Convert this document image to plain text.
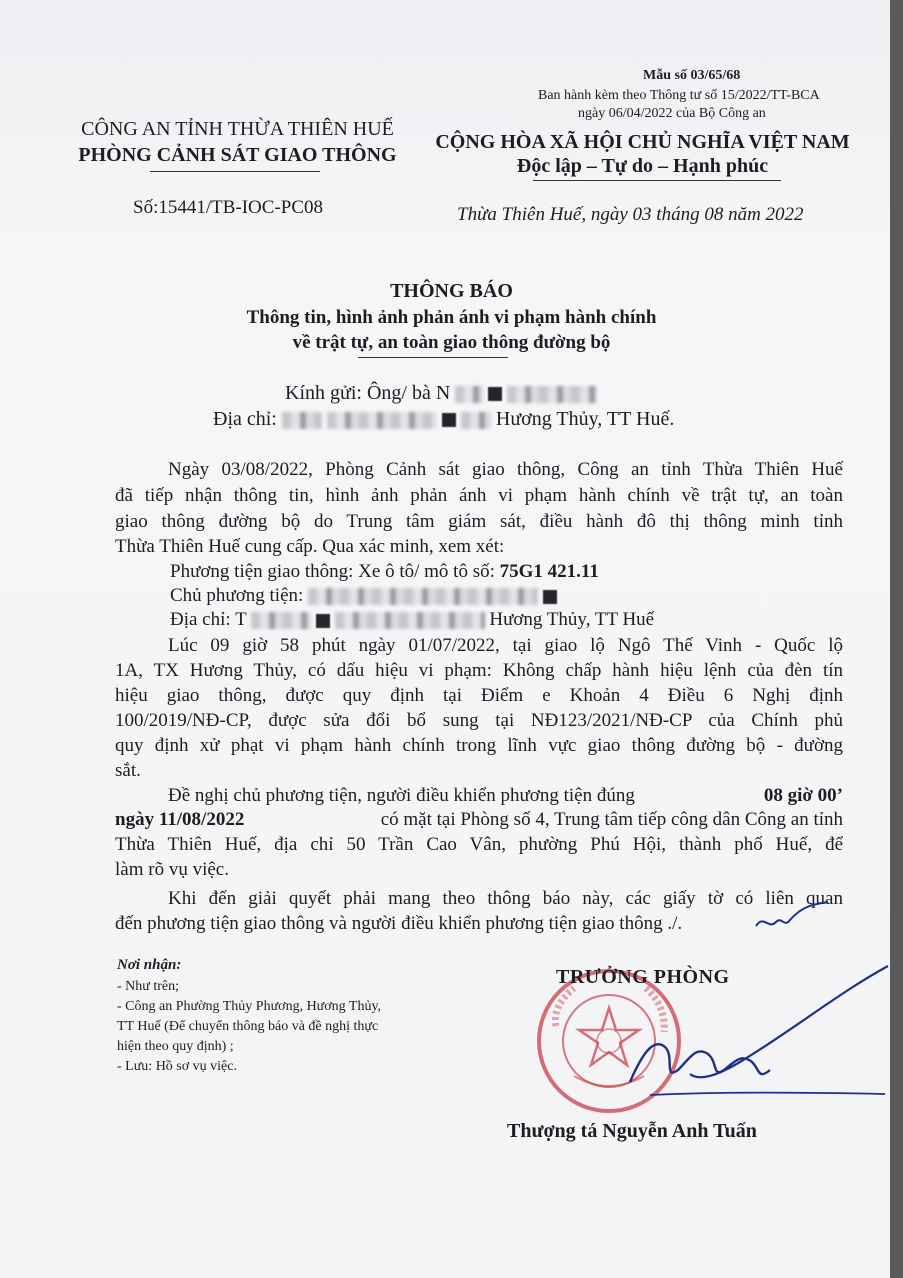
Mẫu số 03/65/68
Ban hành kèm theo Thông tư số 15/2022/TT-BCA
ngày 06/04/2022 của Bộ Công an
CÔNG AN TỈNH THỪA THIÊN HUẾ
PHÒNG CẢNH SÁT GIAO THÔNG
Số:15441/TB-IOC-PC08
CỘNG HÒA XÃ HỘI CHỦ NGHĨA VIỆT NAM
Độc lập – Tự do – Hạnh phúc
Thừa Thiên Huế, ngày 03 tháng 08 năm 2022
THÔNG BÁO
Thông tin, hình ảnh phản ánh vi phạm hành chính
về trật tự, an toàn giao thông đường bộ
Kính gửi: Ông/ bà N
Địa chỉ:	Hương Thủy, TT Huế.
Ngày 03/08/2022, Phòng Cảnh sát giao thông, Công an tỉnh Thừa Thiên Huế
đã tiếp nhận thông tin, hình ảnh phản ánh vi phạm hành chính về trật tự, an toàn
giao thông đường bộ do Trung tâm giám sát, điều hành đô thị thông minh tỉnh
Thừa Thiên Huế cung cấp. Qua xác minh, xem xét:
Phương tiện giao thông: Xe ô tô/ mô tô số: 75G1 421.11
Chủ phương tiện:
Địa chỉ: T	Hương Thủy, TT Huế
Lúc 09 giờ 58 phút ngày 01/07/2022, tại giao lộ Ngô Thế Vinh - Quốc lộ
1A, TX Hương Thủy, có dấu hiệu vi phạm: Không chấp hành hiệu lệnh của đèn tín
hiệu giao thông, được quy định tại Điểm e Khoản 4 Điều 6 Nghị định
100/2019/NĐ-CP, được sửa đổi bổ sung tại NĐ123/2021/NĐ-CP của Chính phủ
quy định xử phạt vi phạm hành chính trong lĩnh vực giao thông đường bộ - đường
sắt.
Đề nghị chủ phương tiện, người điều khiển phương tiện đúng	08 giờ 00’
ngày 11/08/2022	có mặt tại Phòng số 4, Trung tâm tiếp công dân Công an tỉnh
Thừa Thiên Huế, địa chỉ 50 Trần Cao Vân, phường Phú Hội, thành phố Huế, để
làm rõ vụ việc.
Khi đến giải quyết phải mang theo thông báo này, các giấy tờ có liên quan
đến phương tiện giao thông và người điều khiển phương tiện giao thông ./.
Nơi nhận:
- Như trên;
- Công an Phường Thủy Phương, Hương Thủy,
TT Huế (Để chuyển thông báo và đề nghị thực
hiện theo quy định) ;
- Lưu: Hồ sơ vụ việc.
TRƯỞNG PHÒNG
Thượng tá Nguyễn Anh Tuấn
